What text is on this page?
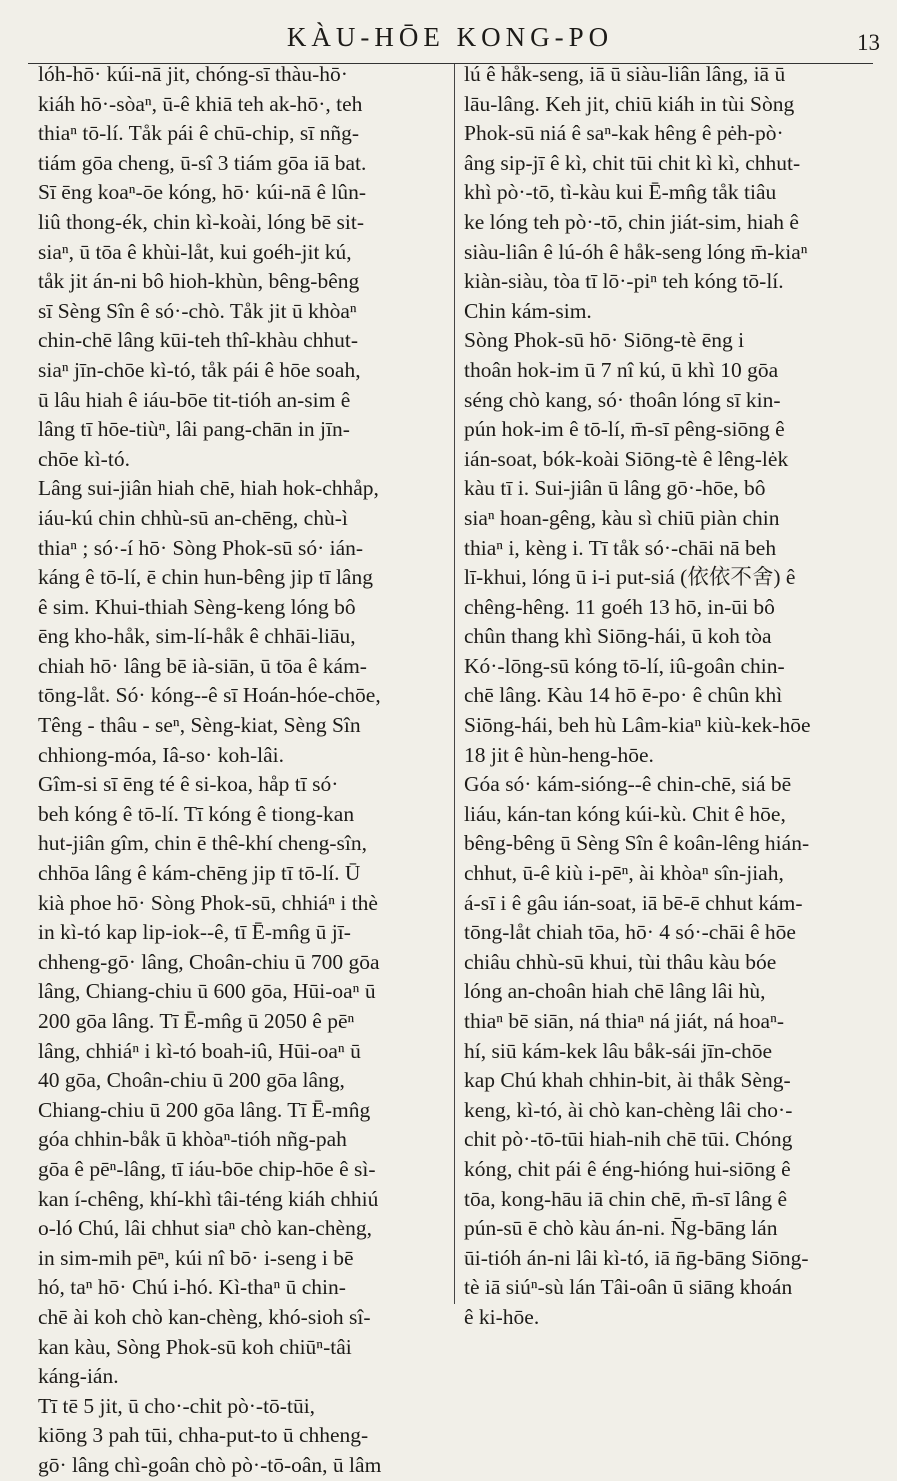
KÀU-HŌE KONG-PO	13
lóh-hō· kúi-nā jit, chóng-sī thàu-hō·
kiáh hō·-sòaⁿ, ū-ê khiā teh ak-hō·, teh
thiaⁿ tō-lí. Tåk pái ê chū-chip, sī nñg-
tiám gōa cheng, ū-sî 3 tiám gōa iā bat.
Sī ēng koaⁿ-ōe kóng, hō· kúi-nā ê lûn-
liû thong-ék, chin kì-koài, lóng bē sit-
siaⁿ, ū tōa ê khùi-låt, kui goéh-jit kú,
tåk jit án-ni bô hioh-khùn, bêng-bêng
sī Sèng Sîn ê só·-chò. Tåk jit ū khòaⁿ
chin-chē lâng kūi-teh thî-khàu chhut-
siaⁿ jīn-chōe kì-tó, tåk pái ê hōe soah,
ū lâu hiah ê iáu-bōe tit-tióh an-sim ê
lâng tī hōe-tiùⁿ, lâi pang-chān in jīn-
chōe kì-tó.
Lâng sui-jiân hiah chē, hiah hok-chhåp,
iáu-kú chin chhù-sū an-chēng, chù-ì
thiaⁿ ; só·-í hō· Sòng Phok-sū só· ián-
káng ê tō-lí, ē chin hun-bêng jip tī lâng
ê sim. Khui-thiah Sèng-keng lóng bô
ēng kho-håk, sim-lí-håk ê chhāi-liāu,
chiah hō· lâng bē ià-siān, ū tōa ê kám-
tōng-låt. Só· kóng--ê sī Hoán-hóe-chōe,
Têng - thâu - seⁿ, Sèng-kiat, Sèng Sîn
chhiong-móa, Iâ-so· koh-lâi.
Gîm-si sī ēng té ê si-koa, håp tī só·
beh kóng ê tō-lí. Tī kóng ê tiong-kan
hut-jiân gîm, chin ē thê-khí cheng-sîn,
chhōa lâng ê kám-chēng jip tī tō-lí. Ū
kià phoe hō· Sòng Phok-sū, chhiáⁿ i thè
in kì-tó kap lip-iok--ê, tī Ē-mn̂g ū jī-
chheng-gō· lâng, Choân-chiu ū 700 gōa
lâng, Chiang-chiu ū 600 gōa, Hūi-oaⁿ ū
200 gōa lâng. Tī Ē-mn̂g ū 2050 ê pēⁿ
lâng, chhiáⁿ i kì-tó boah-iû, Hūi-oaⁿ ū
40 gōa, Choân-chiu ū 200 gōa lâng,
Chiang-chiu ū 200 gōa lâng. Tī Ē-mn̂g
góa chhin-båk ū khòaⁿ-tióh nñg-pah
gōa ê pēⁿ-lâng, tī iáu-bōe chip-hōe ê sì-
kan í-chêng, khí-khì tâi-téng kiáh chhiú
o-ló Chú, lâi chhut siaⁿ chò kan-chèng,
in sim-mih pēⁿ, kúi nî bō· i-seng i bē
hó, taⁿ hō· Chú i-hó. Kì-thaⁿ ū chin-
chē ài koh chò kan-chèng, khó-sioh sî-
kan kàu, Sòng Phok-sū koh chiūⁿ-tâi
káng-ián.
Tī tē 5 jit, ū cho·-chit pò·-tō-tūi,
kiōng 3 pah tūi, chha-put-to ū chheng-
gō· lâng chì-goân chò pò·-tō-oân, ū lâm
lú ê håk-seng, iā ū siàu-liân lâng, iā ū
lāu-lâng. Keh jit, chiū kiáh in tùi Sòng
Phok-sū niá ê saⁿ-kak hêng ê pėh-pò·
âng sip-jī ê kì, chit tūi chit kì kì, chhut-
khì pò·-tō, tì-kàu kui Ē-mn̂g tåk tiâu
ke lóng teh pò·-tō, chin jiát-sim, hiah ê
siàu-liân ê lú-óh ê håk-seng lóng m̄-kiaⁿ
kiàn-siàu, tòa tī lō·-piⁿ teh kóng tō-lí.
Chin kám-sim.
Sòng Phok-sū hō· Siōng-tè ēng i
thoân hok-im ū 7 nî kú, ū khì 10 gōa
séng chò kang, só· thoân lóng sī kin-
pún hok-im ê tō-lí, m̄-sī pêng-siōng ê
ián-soat, bók-koài Siōng-tè ê lêng-lėk
kàu tī i. Sui-jiân ū lâng gō·-hōe, bô
siaⁿ hoan-gêng, kàu sì chiū piàn chin
thiaⁿ i, kèng i. Tī tåk só·-chāi nā beh
lī-khui, lóng ū i-i put-siá (依依不舍) ê
chêng-hêng. 11 goéh 13 hō, in-ūi bô
chûn thang khì Siōng-hái, ū koh tòa
Kó·-lōng-sū kóng tō-lí, iû-goân chin-
chē lâng. Kàu 14 hō ē-po· ê chûn khì
Siōng-hái, beh hù Lâm-kiaⁿ kiù-kek-hōe
18 jit ê hùn-heng-hōe.
Góa só· kám-sióng--ê chin-chē, siá bē
liáu, kán-tan kóng kúi-kù. Chit ê hōe,
bêng-bêng ū Sèng Sîn ê koân-lêng hián-
chhut, ū-ê kiù i-pēⁿ, ài khòaⁿ sîn-jiah,
á-sī i ê gâu ián-soat, iā bē-ē chhut kám-
tōng-låt chiah tōa, hō· 4 só·-chāi ê hōe
chiâu chhù-sū khui, tùi thâu kàu bóe
lóng an-choân hiah chē lâng lâi hù,
thiaⁿ bē siān, ná thiaⁿ ná jiát, ná hoaⁿ-
hí, siū kám-kek lâu båk-sái jīn-chōe
kap Chú khah chhin-bit, ài thåk Sèng-
keng, kì-tó, ài chò kan-chèng lâi cho·-
chit pò·-tō-tūi hiah-nih chē tūi. Chóng
kóng, chit pái ê éng-hióng hui-siōng ê
tōa, kong-hāu iā chin chē, m̄-sī lâng ê
pún-sū ē chò kàu án-ni. N̄g-bāng lán
ūi-tióh án-ni lâi kì-tó, iā n̄g-bāng Siōng-
tè iā siúⁿ-sù lán Tâi-oân ū siāng khoán
ê ki-hōe.
